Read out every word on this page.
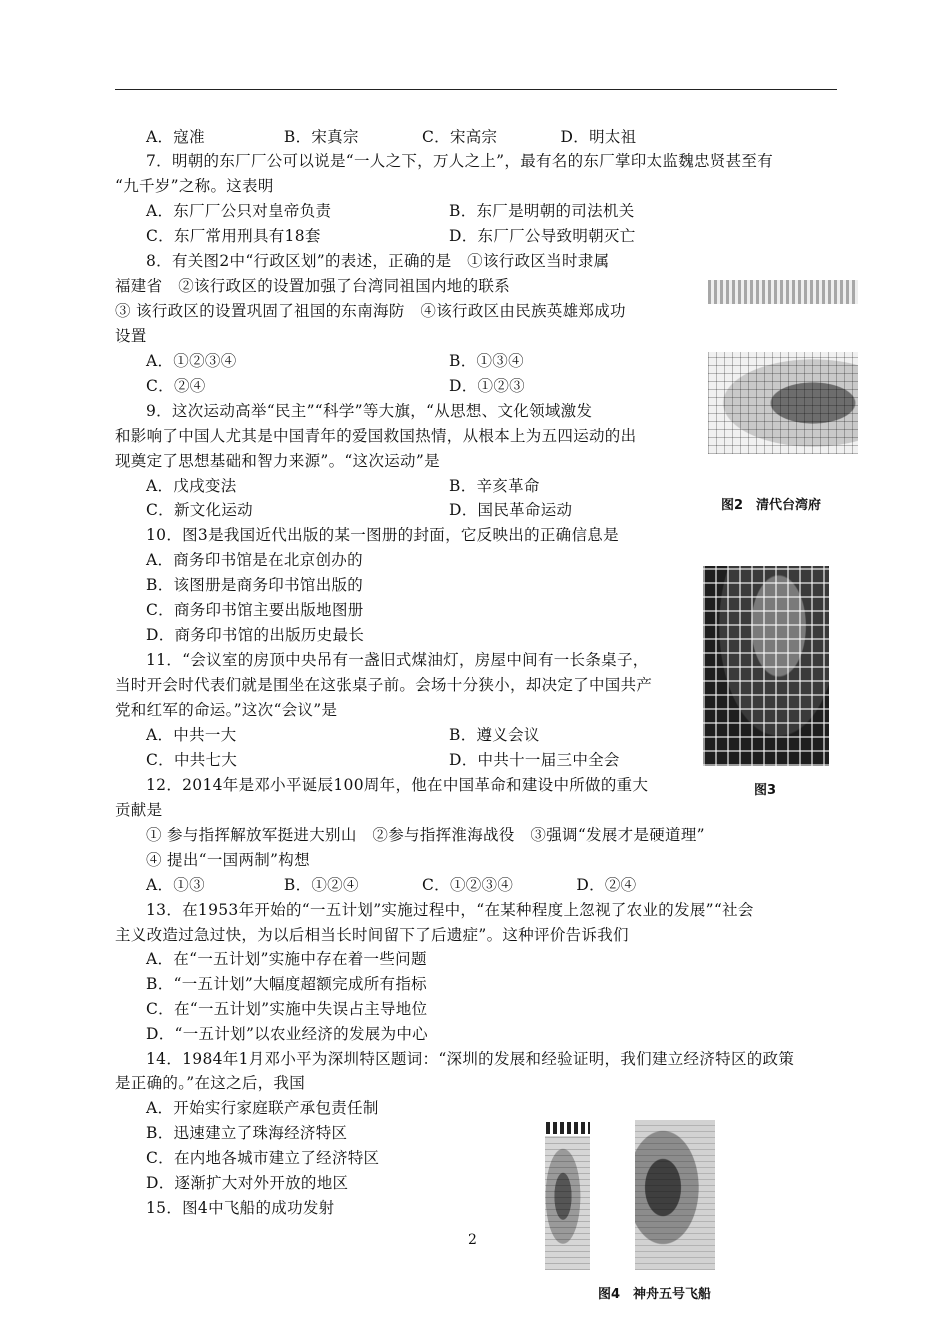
A．寇准　　　　　B．宋真宗　　　　C．宋高宗　　　　D．明太祖
7．明朝的东厂厂公可以说是“一人之下，万人之上”，最有名的东厂掌印太监魏忠贤甚至有
“九千岁”之称。这表明
A．东厂厂公只对皇帝负责	B．东厂是明朝的司法机关
C．东厂常用刑具有18套	D．东厂厂公导致明朝灭亡
8．有关图2中“行政区划”的表述，正确的是　①该行政区当时隶属
福建省　②该行政区的设置加强了台湾同祖国内地的联系
③ 该行政区的设置巩固了祖国的东南海防　④该行政区由民族英雄郑成功
设置
A．①②③④	B．①③④
C．②④	D．①②③
9．这次运动高举“民主”“科学”等大旗，“从思想、文化领域激发
和影响了中国人尤其是中国青年的爱国救国热情，从根本上为五四运动的出
现奠定了思想基础和智力来源”。“这次运动”是
A．戊戌变法	B．辛亥革命
C．新文化运动	D．国民革命运动
10．图3是我国近代出版的某一图册的封面，它反映出的正确信息是
A．商务印书馆是在北京创办的
B．该图册是商务印书馆出版的
C．商务印书馆主要出版地图册
D．商务印书馆的出版历史最长
11．“会议室的房顶中央吊有一盏旧式煤油灯，房屋中间有一长条桌子，
当时开会时代表们就是围坐在这张桌子前。会场十分狭小，却决定了中国共产
党和红军的命运。”这次“会议”是
A．中共一大	B．遵义会议
C．中共七大	D．中共十一届三中全会
12．2014年是邓小平诞辰100周年，他在中国革命和建设中所做的重大
贡献是
① 参与指挥解放军挺进大别山　②参与指挥淮海战役　③强调“发展才是硬道理”
④ 提出“一国两制”构想
A．①③　　　　　B．①②④　　　　C．①②③④　　　　D．②④
13．在1953年开始的“一五计划”实施过程中，“在某种程度上忽视了农业的发展”“社会
主义改造过急过快，为以后相当长时间留下了后遗症”。这种评价告诉我们
A．在“一五计划”实施中存在着一些问题
B．“一五计划”大幅度超额完成所有指标
C．在“一五计划”实施中失误占主导地位
D．“一五计划”以农业经济的发展为中心
14．1984年1月邓小平为深圳特区题词：“深圳的发展和经验证明，我们建立经济特区的政策
是正确的。”在这之后，我国
A．开始实行家庭联产承包责任制
B．迅速建立了珠海经济特区
C．在内地各城市建立了经济特区
D．逐渐扩大对外开放的地区
15．图4中飞船的成功发射
图2　清代台湾府
图3
图4　神舟五号飞船
2
